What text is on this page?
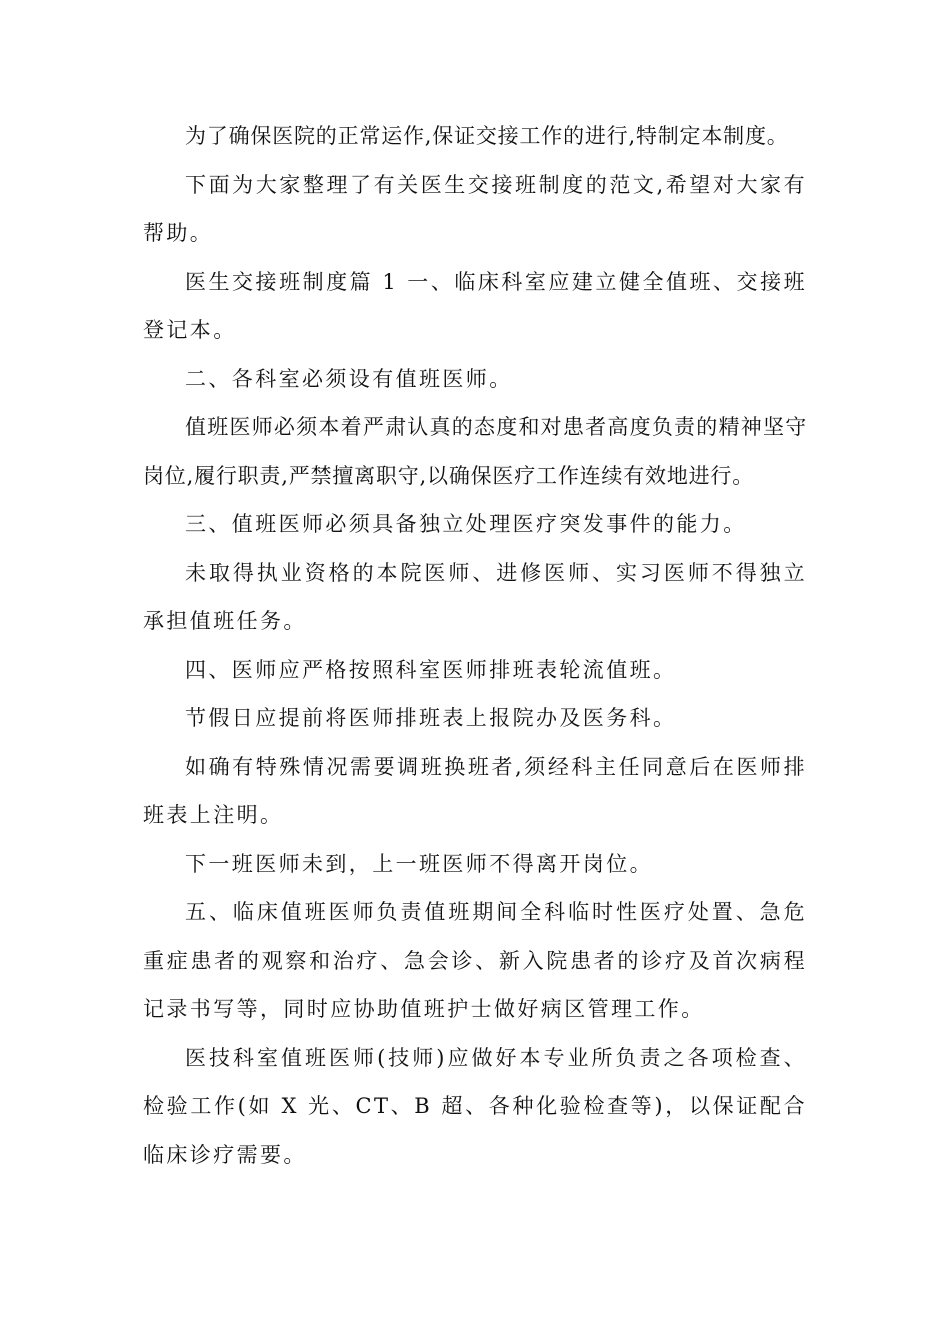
为了确保医院的正常运作,保证交接工作的进行,特制定本制度。

下面为大家整理了有关医生交接班制度的范文,希望对大家有帮助。

医生交接班制度篇 1 一、临床科室应建立健全值班、交接班登记本。

二、各科室必须设有值班医师。

值班医师必须本着严肃认真的态度和对患者高度负责的精神坚守岗位,履行职责,严禁擅离职守,以确保医疗工作连续有效地进行。

三、值班医师必须具备独立处理医疗突发事件的能力。

未取得执业资格的本院医师、进修医师、实习医师不得独立承担值班任务。

四、医师应严格按照科室医师排班表轮流值班。

节假日应提前将医师排班表上报院办及医务科。

如确有特殊情况需要调班换班者,须经科主任同意后在医师排班表上注明。

下一班医师未到，上一班医师不得离开岗位。

五、临床值班医师负责值班期间全科临时性医疗处置、急危重症患者的观察和治疗、急会诊、新入院患者的诊疗及首次病程记录书写等，同时应协助值班护士做好病区管理工作。

医技科室值班医师(技师)应做好本专业所负责之各项检查、检验工作(如 X 光、CT、B 超、各种化验检查等)，以保证配合临床诊疗需要。
